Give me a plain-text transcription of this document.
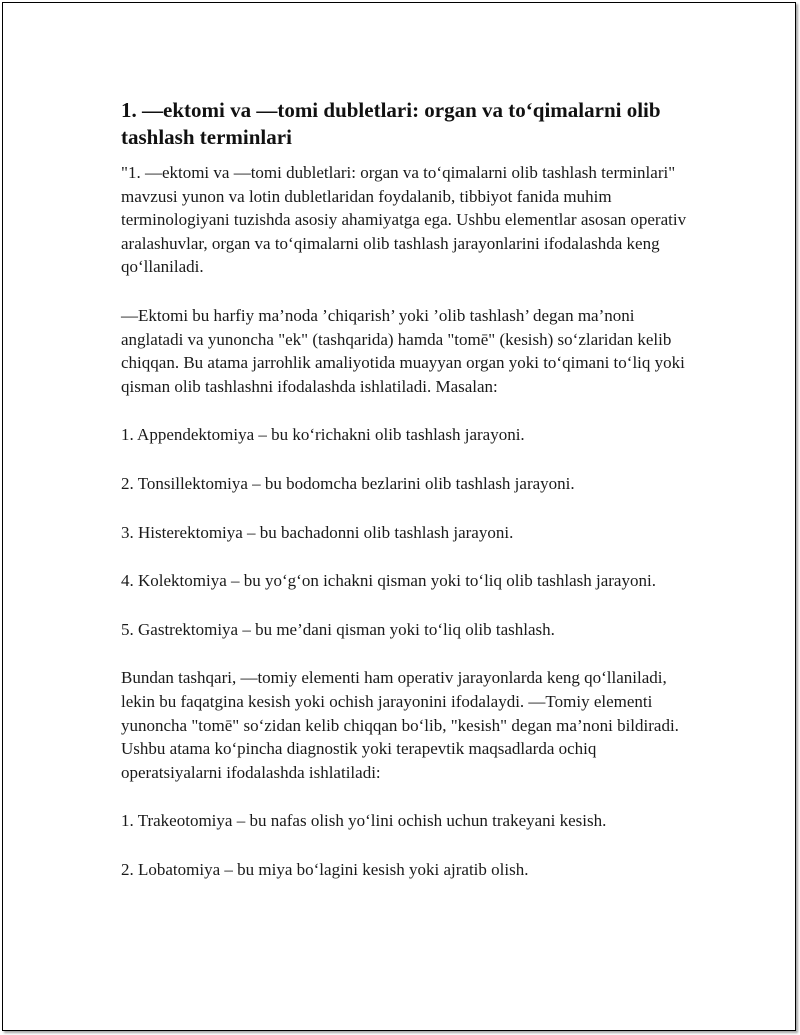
1. —ektomi va —tomi dubletlari: organ va to‘qimalarni olib tashlash terminlari

"1. —ektomi va —tomi dubletlari: organ va to‘qimalarni olib tashlash terminlari" mavzusi yunon va lotin dubletlaridan foydalanib, tibbiyot fanida muhim terminologiyani tuzishda asosiy ahamiyatga ega. Ushbu elementlar asosan operativ aralashuvlar, organ va to‘qimalarni olib tashlash jarayonlarini ifodalashda keng qo‘llaniladi.

—Ektomi bu harfiy ma’noda ’chiqarish’ yoki ’olib tashlash’ degan ma’noni anglatadi va yunoncha "ek" (tashqarida) hamda "tomē" (kesish) so‘zlaridan kelib chiqqan. Bu atama jarrohlik amaliyotida muayyan organ yoki to‘qimani to‘liq yoki qisman olib tashlashni ifodalashda ishlatiladi. Masalan:

1. Appendektomiya – bu ko‘richakni olib tashlash jarayoni.

2. Tonsillektomiya – bu bodomcha bezlarini olib tashlash jarayoni.

3. Histerektomiya – bu bachadonni olib tashlash jarayoni.

4. Kolektomiya – bu yo‘g‘on ichakni qisman yoki to‘liq olib tashlash jarayoni.

5. Gastrektomiya – bu me’dani qisman yoki to‘liq olib tashlash.

Bundan tashqari, —tomiy elementi ham operativ jarayonlarda keng qo‘llaniladi, lekin bu faqatgina kesish yoki ochish jarayonini ifodalaydi. —Tomiy elementi yunoncha "tomē" so‘zidan kelib chiqqan bo‘lib, "kesish" degan ma’noni bildiradi. Ushbu atama ko‘pincha diagnostik yoki terapevtik maqsadlarda ochiq operatsiyalarni ifodalashda ishlatiladi:

1. Trakeotomiya – bu nafas olish yo‘lini ochish uchun trakeyani kesish.

2. Lobatomiya – bu miya bo‘lagini kesish yoki ajratib olish.
